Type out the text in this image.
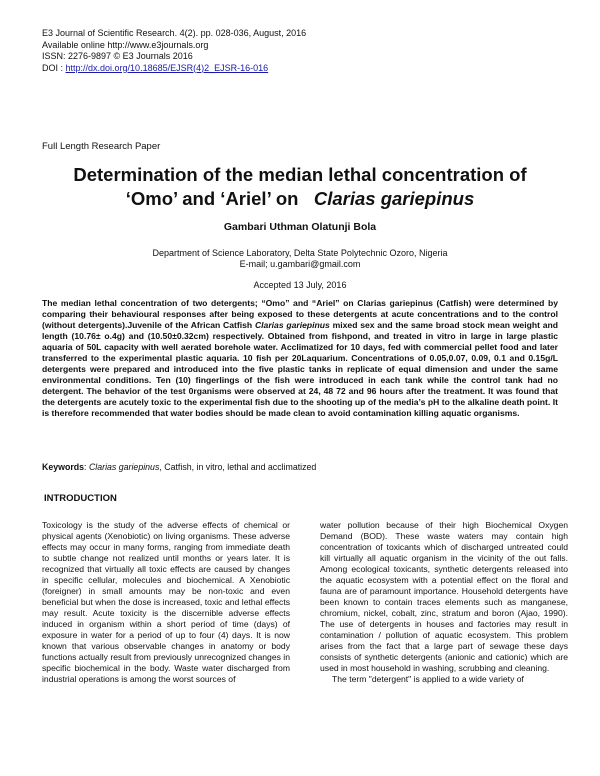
E3 Journal of Scientific Research. 4(2). pp. 028-036, August, 2016
Available online http://www.e3journals.org
ISSN: 2276-9897 © E3 Journals 2016
DOI : http://dx.doi.org/10.18685/EJSR(4)2_EJSR-16-016
Full Length Research Paper
Determination of the median lethal concentration of
‘Omo’ and ‘Ariel’ on   Clarias gariepinus
Gambari Uthman Olatunji Bola
Department of Science Laboratory, Delta State Polytechnic Ozoro, Nigeria
E-mail; u.gambari@gmail.com
Accepted 13 July, 2016
The median lethal concentration of two detergents; “Omo” and “Ariel” on Clarias gariepinus (Catfish) were determined by comparing their behavioural responses after being exposed to these detergents at acute concentrations and to the control (without detergents).Juvenile of the African Catfish Clarias gariepinus mixed sex and the same broad stock mean weight and length (10.76± o.4g) and (10.50±0.32cm) respectively. Obtained from fishpond, and treated in vitro in large in large plastic aquaria of 50L capacity with well aerated borehole water. Acclimatized for 10 days, fed with commercial pellet food and later transferred to the experimental plastic aquaria. 10 fish per 20Laquarium. Concentrations of 0.05,0.07, 0.09, 0.1 and 0.15g/L detergents were prepared and introduced into the five plastic tanks in replicate of equal dimension and under the same environmental conditions. Ten (10) fingerlings of the fish were introduced in each tank while the control tank had no detergent. The behavior of the test 0rganisms were observed at 24, 48 72 and 96 hours after the treatment. It was found that the detergents are acutely toxic to the experimental fish due to the shooting up of the media’s pH to the alkaline death point. It is therefore recommended that water bodies should be made clean to avoid contamination killing aquatic organisms.
Keywords: Clarias gariepinus, Catfish, in vitro, lethal and acclimatized
INTRODUCTION

Toxicology is the study of the adverse effects of chemical or physical agents (Xenobiotic) on living organisms. These adverse effects may occur in many forms, ranging from immediate death to subtle change not realized until months or years later. It is recognized that virtually all toxic effects are caused by changes in specific cellular, molecules and biochemical. A Xenobiotic (foreigner) in small amounts may be non-toxic and even beneficial but when the dose is increased, toxic and lethal effects may result. Acute toxicity is the discernible adverse effects induced in organism within a short period of time (days) of exposure in water for a period of up to four (4) days. It is now known that various observable changes in anatomy or body functions actually result from previously unrecognized changes in specific biochemical in the body. Waste water discharged from industrial operations is among the worst sources of

water pollution because of their high Biochemical Oxygen Demand (BOD). These waste waters may contain high concentration of toxicants which of discharged untreated could kill virtually all aquatic organism in the vicinity of the out falls. Among ecological toxicants, synthetic detergents released into the aquatic ecosystem with a potential effect on the floral and fauna are of paramount importance. Household detergents have been known to contain traces elements such as manganese, chromium, nickel, cobalt, zinc, stratum and boron (Ajao, 1990). The use of detergents in houses and factories may result in contamination / pollution of aquatic ecosystem. This problem arises from the fact that a large part of sewage these days consists of synthetic detergents (anionic and cationic) which are used in most household in washing, scrubbing and cleaning.

The term "detergent" is applied to a wide variety of
